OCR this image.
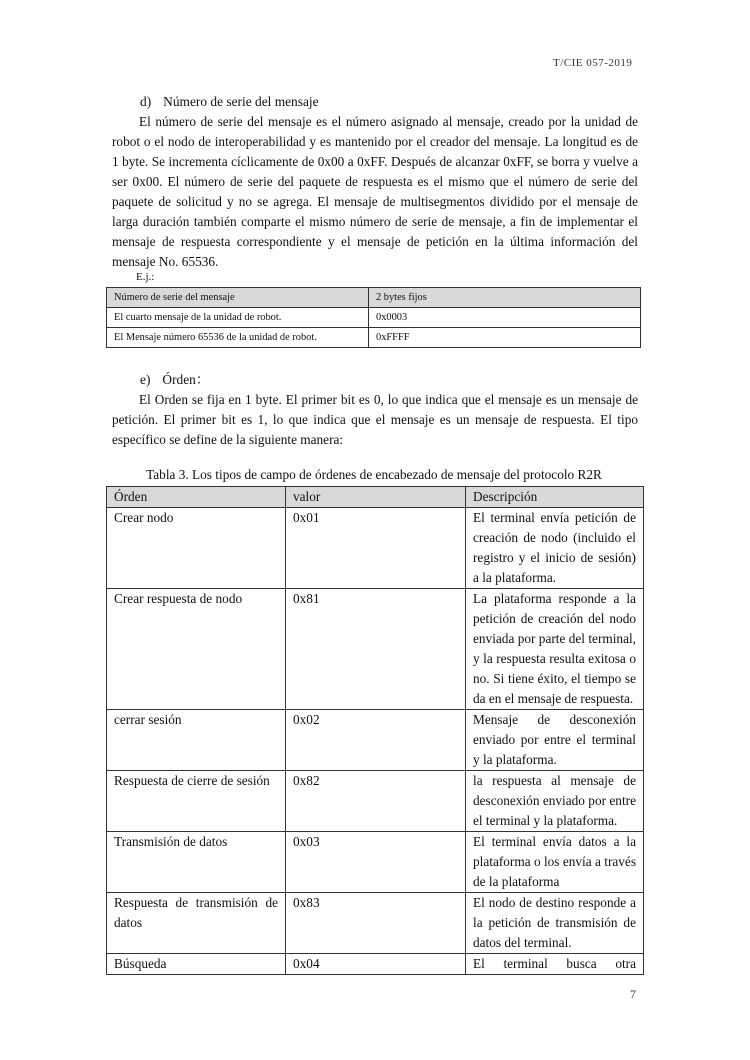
T/CIE 057-2019
d) Número de serie del mensaje

El número de serie del mensaje es el número asignado al mensaje, creado por la unidad de robot o el nodo de interoperabilidad y es mantenido por el creador del mensaje. La longitud es de 1 byte. Se incrementa cíclicamente de 0x00 a 0xFF. Después de alcanzar 0xFF, se borra y vuelve a ser 0x00. El número de serie del paquete de respuesta es el mismo que el número de serie del paquete de solicitud y no se agrega. El mensaje de multisegmentos dividido por el mensaje de larga duración también comparte el mismo número de serie de mensaje, a fin de implementar el mensaje de respuesta correspondiente y el mensaje de petición en la última información del mensaje No. 65536.

E.j.:
Número de serie del mensaje	2 bytes fijos
El cuarto mensaje de la unidad de robot.	0x0003
El Mensaje número 65536 de la unidad de robot.	0xFFFF
e) Órden：

El Orden se fija en 1 byte. El primer bit es 0, lo que indica que el mensaje es un mensaje de petición. El primer bit es 1, lo que indica que el mensaje es un mensaje de respuesta. El tipo específico se define de la siguiente manera:

Tabla 3. Los tipos de campo de órdenes de encabezado de mensaje del protocolo R2R
Órden	valor	Descripción
Crear nodo	0x01	El terminal envía petición de creación de nodo (incluido el registro y el inicio de sesión) a la plataforma.
Crear respuesta de nodo	0x81	La plataforma responde a la petición de creación del nodo enviada por parte del terminal, y la respuesta resulta exitosa o no. Si tiene éxito, el tiempo se da en el mensaje de respuesta.
cerrar sesión	0x02	Mensaje de desconexión enviado por entre el terminal y la plataforma.
Respuesta de cierre de sesión	0x82	la respuesta al mensaje de desconexión enviado por entre el terminal y la plataforma.
Transmisión de datos	0x03	El terminal envía datos a la plataforma o los envía a través de la plataforma
Respuesta de transmisión de datos	0x83	El nodo de destino responde a la petición de transmisión de datos del terminal.
Búsqueda	0x04	El terminal busca otra
7
